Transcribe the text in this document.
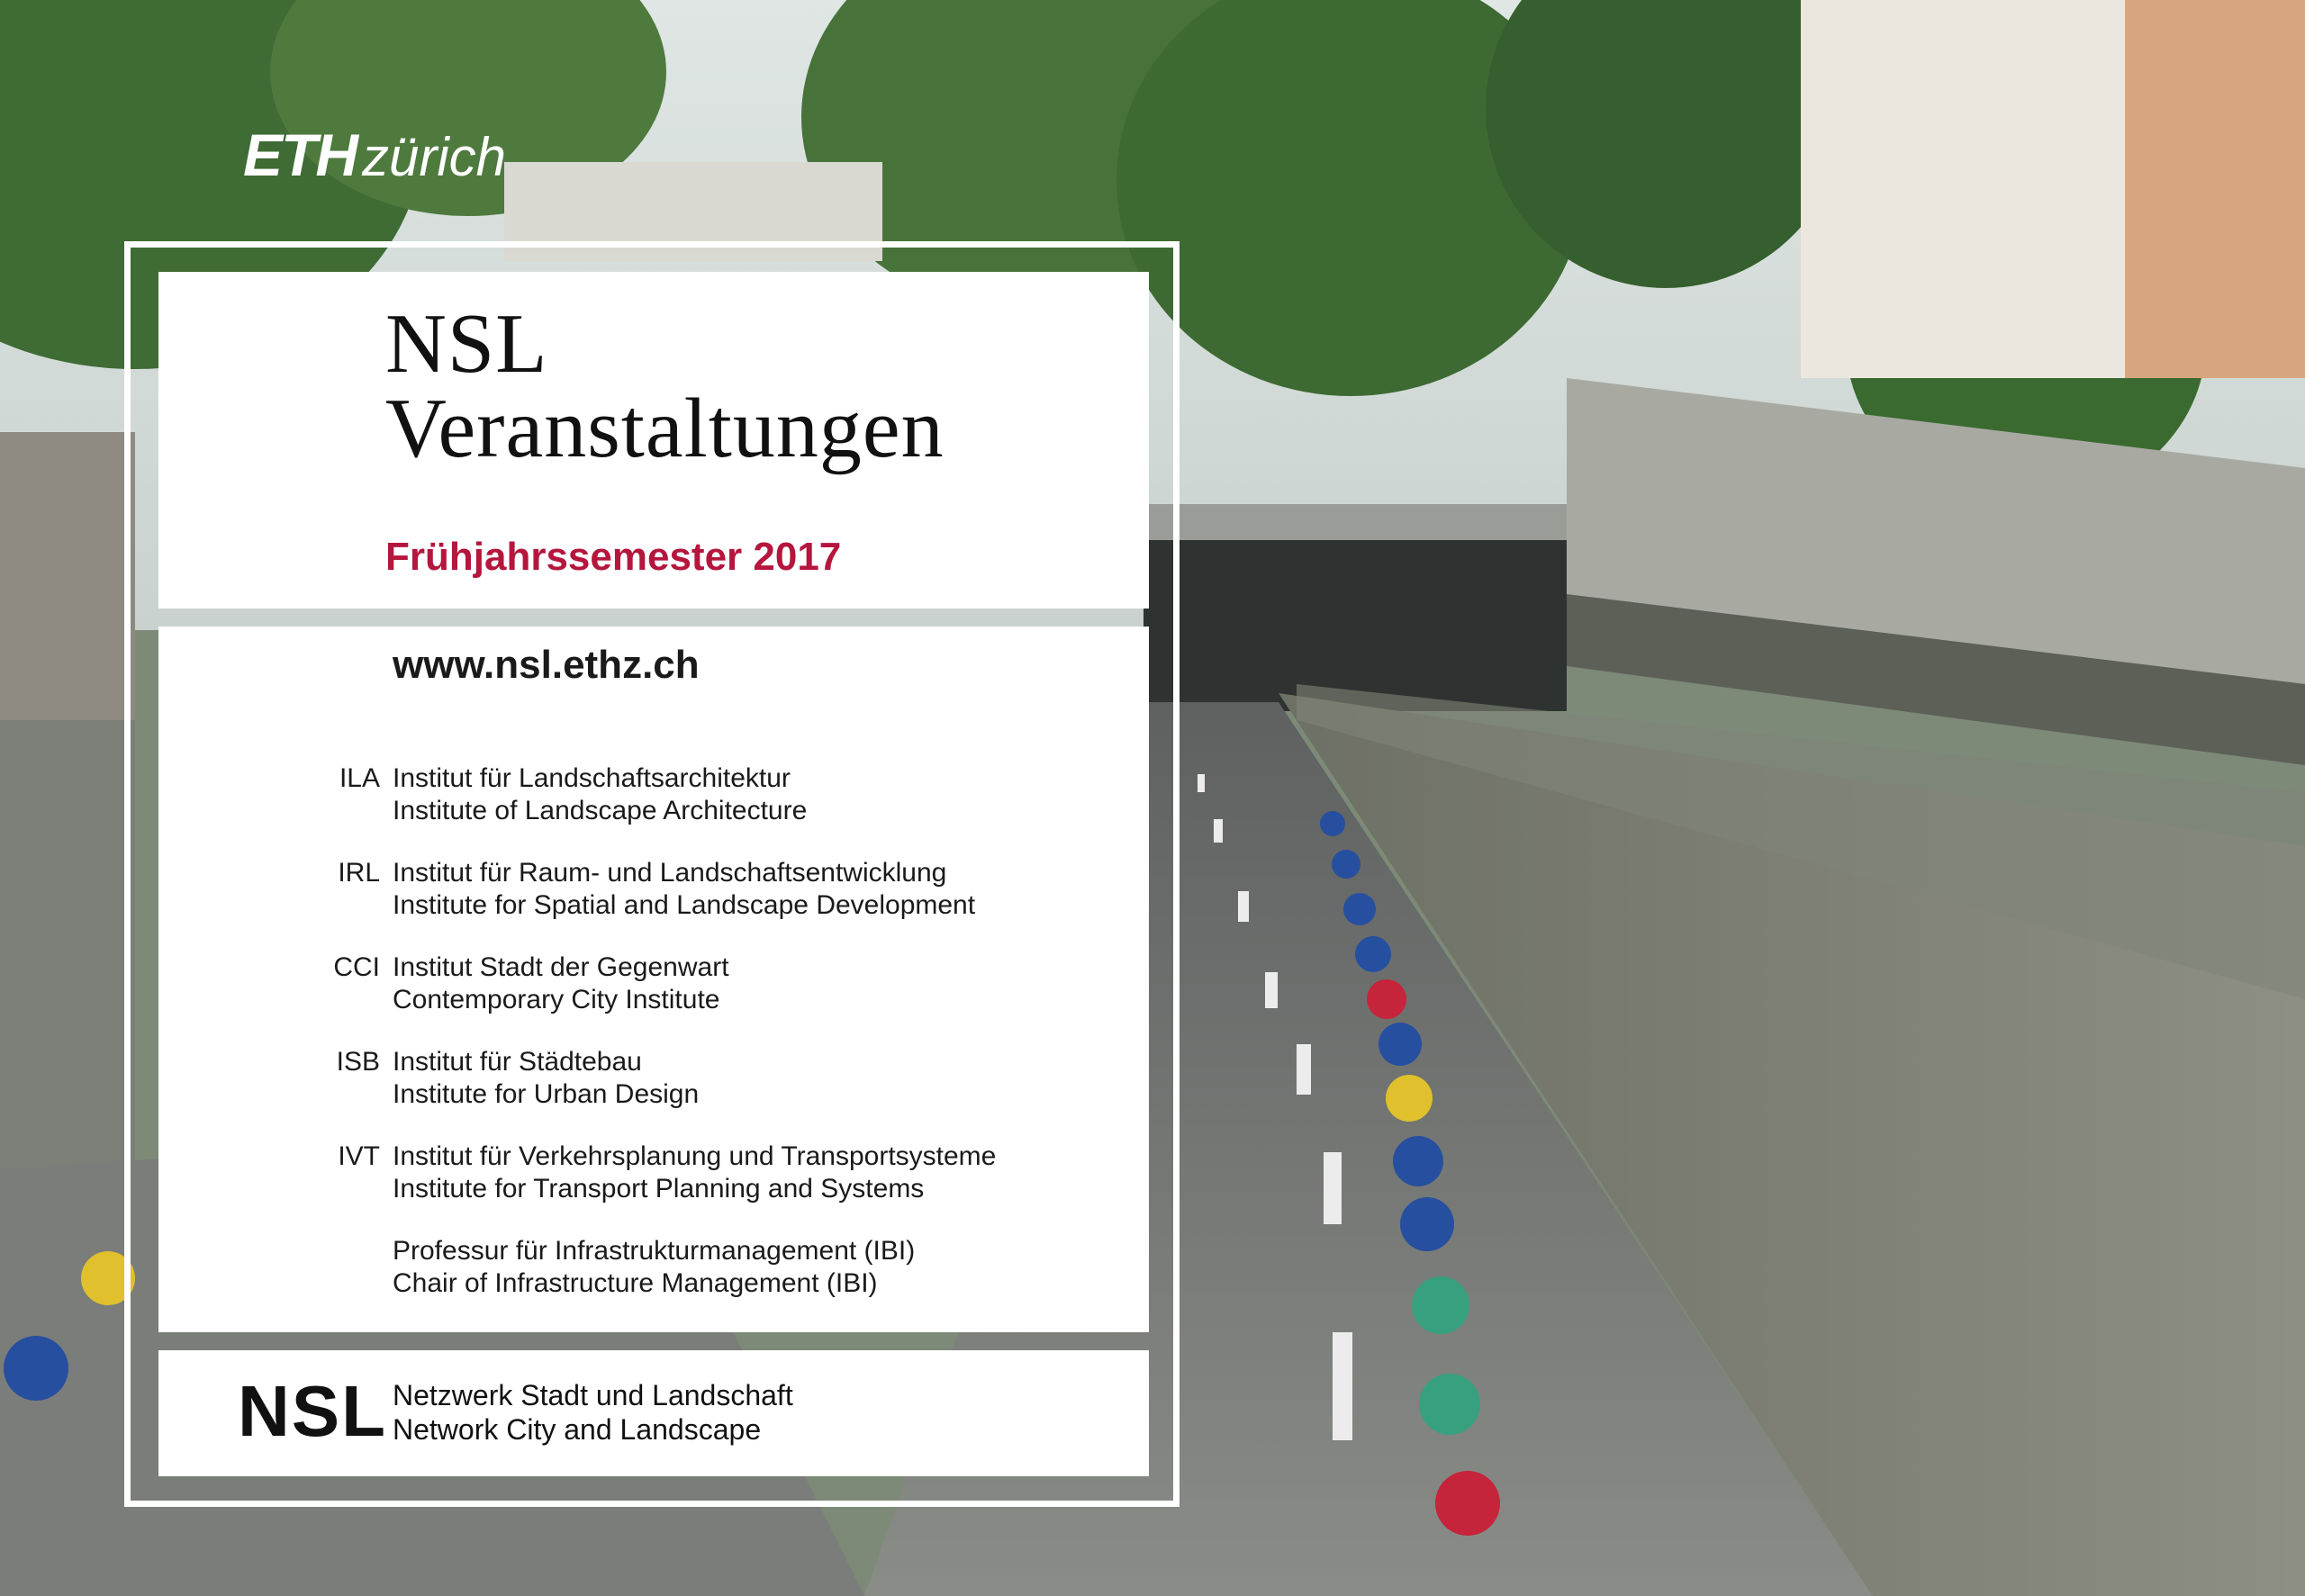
ETH zürich
NSL
Veranstaltungen
Frühjahrssemester 2017
www.nsl.ethz.ch
ILA Institut für Landschaftsarchitektur
Institute of Landscape Architecture
IRL Institut für Raum- und Landschaftsentwicklung
Institute for Spatial and Landscape Development
CCI Institut Stadt der Gegenwart
Contemporary City Institute
ISB Institut für Städtebau
Institute for Urban Design
IVT Institut für Verkehrsplanung und Transportsysteme
Institute for Transport Planning and Systems
Professur für Infrastrukturmanagement (IBI)
Chair of Infrastructure Management (IBI)
NSL Netzwerk Stadt und Landschaft
Network City and Landscape
